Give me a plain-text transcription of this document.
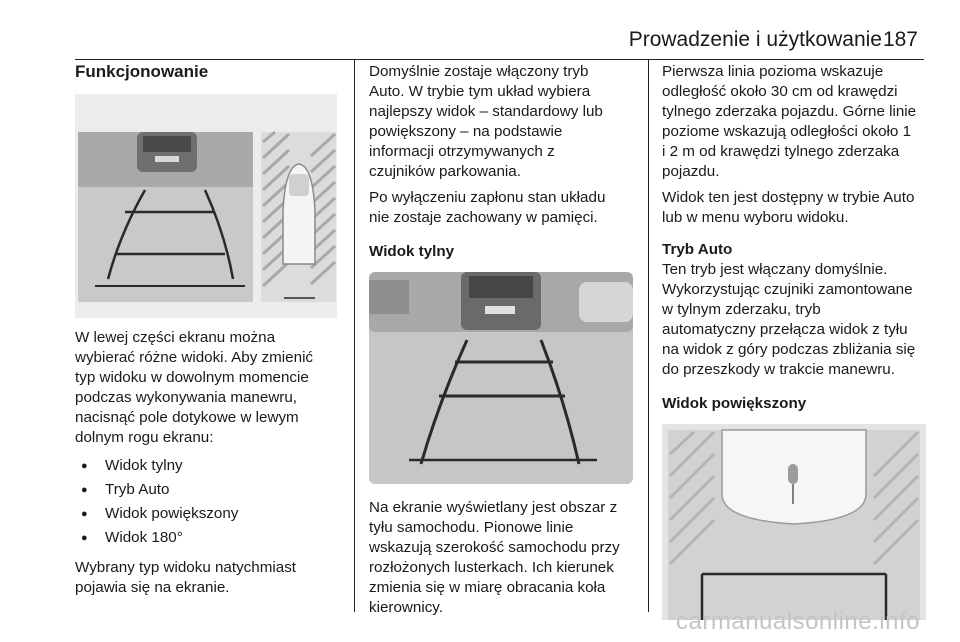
Prowadzenie i użytkowanie 187
Funkcjonowanie

W lewej części ekranu można
wybierać różne widoki. Aby zmienić
typ widoku w dowolnym momencie
podczas wykonywania manewru,
nacisnąć pole dotykowe w lewym
dolnym rogu ekranu:

● Widok tylny
● Tryb Auto
● Widok powiększony
● Widok 180°

Wybrany typ widoku natychmiast
pojawia się na ekranie.

Domyślnie zostaje włączony tryb
Auto. W trybie tym układ wybiera
najlepszy widok – standardowy lub
powiększony – na podstawie
informacji otrzymywanych z
czujników parkowania.

Po wyłączeniu zapłonu stan układu
nie zostaje zachowany w pamięci.

Widok tylny

Na ekranie wyświetlany jest obszar z
tyłu samochodu. Pionowe linie
wskazują szerokość samochodu przy
rozłożonych lusterkach. Ich kierunek
zmienia się w miarę obracania koła
kierownicy.

Pierwsza linia pozioma wskazuje
odległość około 30 cm od krawędzi
tylnego zderzaka pojazdu. Górne linie
poziome wskazują odległości około 1
i 2 m od krawędzi tylnego zderzaka
pojazdu.

Widok ten jest dostępny w trybie Auto
lub w menu wyboru widoku.

Tryb Auto

Ten tryb jest włączany domyślnie.
Wykorzystując czujniki zamontowane
w tylnym zderzaku, tryb
automatyczny przełącza widok z tyłu
na widok z góry podczas zbliżania się
do przeszkody w trakcie manewru.

Widok powiększony
carmanualsonline.info
